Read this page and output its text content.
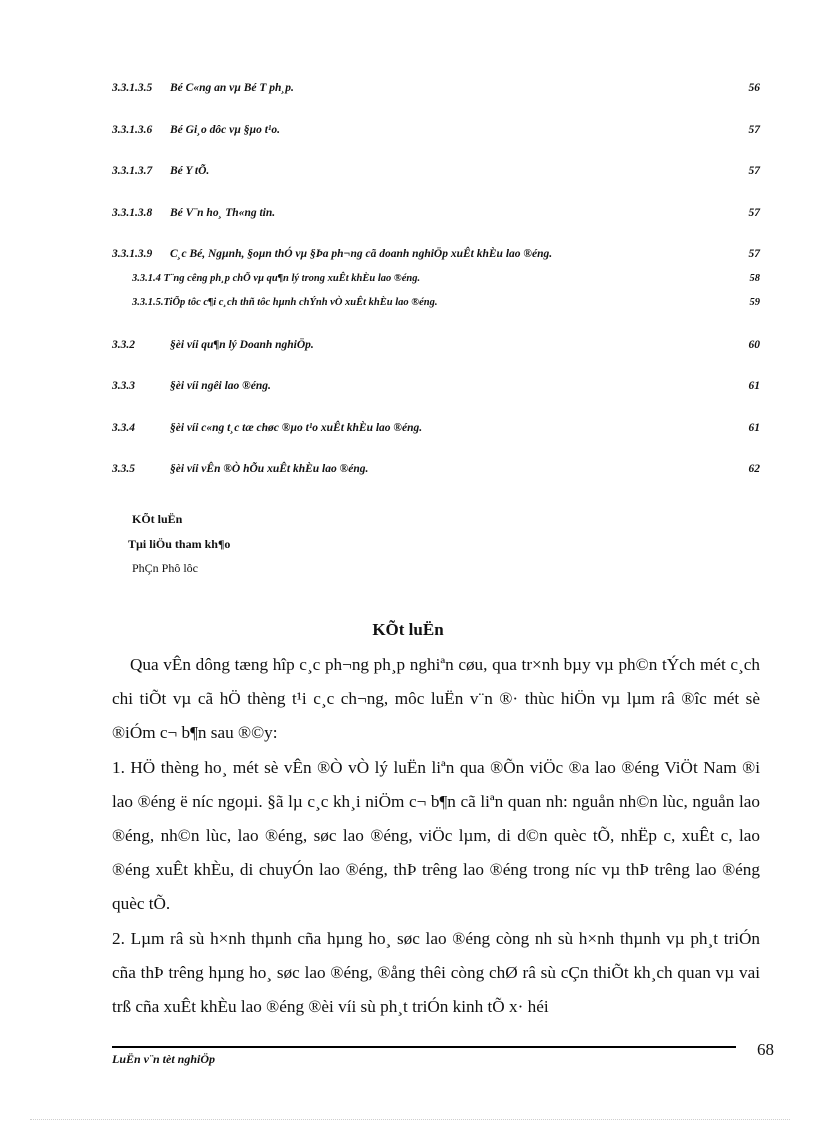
3.3.1.3.5 Bé C«ng an vµ Bé T ph¸p.	56
3.3.1.3.6 Bé Gi¸o dôc vµ §µo t¹o.	57
3.3.1.3.7 Bé Y tÕ.	57
3.3.1.3.8 Bé V¨n ho¸ Th«ng tin.	57
3.3.1.3.9 C¸c Bé, Ngµnh, §oµn thÓ vµ §Þa ph¬ng cã doanh nghiÖp xuÊt khÈu lao ®éng.	57
3.3.1.4 T¨ng cêng ph¸p chÕ vµ qu¶n lý trong xuÊt khÈu lao ®éng.	58
3.3.1.5.TiÕp tôc c¶i c¸ch thñ tôc hµnh chÝnh vÒ xuÊt khÈu lao ®éng.	59
3.3.2	§èi víi qu¶n lý Doanh nghiÖp.	60
3.3.3	§èi víi ngêi lao ®éng.	61
3.3.4	§èi víi c«ng t¸c tæ chøc ®µo t¹o xuÊt khÈu lao ®éng.	61
3.3.5	§èi víi vÊn ®Ò hÕu xuÊt khÈu lao ®éng.	62
KÕt luËn
Tµi liÖu tham kh¶o
PhÇn Phô lôc
KÕt luËn

Qua vÊn dông tæng hîp c¸c ph¬ng ph¸p nghiªn cøu, qua tr×nh bµy vµ ph©n tÝch mét c¸ch chi tiÕt vµ cã hÖ thèng t¹i c¸c ch¬ng, môc luËn v¨n ®· thùc hiÖn vµ lµm râ ®îc mét sè ®iÓm c¬ b¶n sau ®©y:

1. HÖ thèng ho¸ mét sè vÊn ®Ò vÒ lý luËn liªn qua ®Õn viÖc ®a lao ®éng ViÖt Nam ®i lao ®éng ë níc ngoµi. §ã lµ c¸c kh¸i niÖm c¬ b¶n cã liªn quan nh: nguån nh©n lùc, nguån lao ®éng, nh©n lùc, lao ®éng, søc lao ®éng, viÖc lµm, di d©n quèc tÕ, nhËp c, xuÊt c, lao ®éng xuÊt khÈu, di chuyÓn lao ®éng, thÞ trêng lao ®éng trong níc vµ thÞ trêng lao ®éng quèc tÕ.

2. Lµm râ sù h×nh thµnh cña hµng ho¸ søc lao ®éng còng nh sù h×nh thµnh vµ ph¸t triÓn cña thÞ trêng hµng ho¸ søc lao ®éng, ®ång thêi còng chØ râ sù cÇn thiÕt kh¸ch quan vµ vai trß cña xuÊt khÈu lao ®éng ®èi víi sù ph¸t triÓn kinh tÕ x· héi

LuËn v¨n tèt nghiÖp	68
